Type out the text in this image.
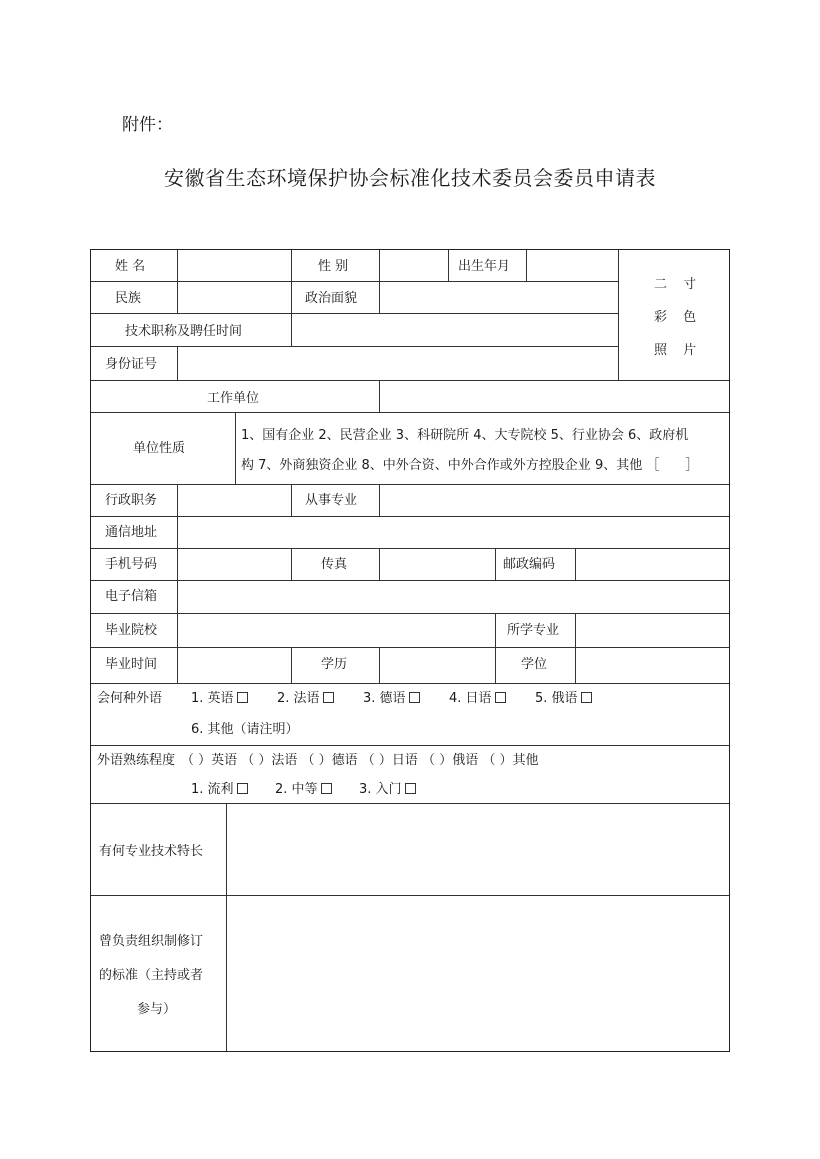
附件：
安徽省生态环境保护协会标准化技术委员会委员申请表
姓 名	性 别	出生年月
民族	政治面貌
技术职称及聘任时间
身份证号
二 寸
彩 色
照 片
工作单位
单位性质
1、国有企业 2、民营企业 3、科研院所 4、大专院校 5、行业协会 6、政府机
构 7、外商独资企业 8、中外合资、中外合作或外方控股企业 9、其他 ［　　］
行政职务	从事专业
通信地址
手机号码	传真	邮政编码
电子信箱
毕业院校	所学专业
毕业时间	学历	学位
会何种外语 1. 英语	2. 法语	3. 德语	4. 日语	5. 俄语
6. 其他（请注明）
外语熟练程度 （ ）英语 （ ）法语 （ ）德语 （ ）日语 （ ）俄语 （ ）其他
1. 流利	2. 中等	3. 入门
有何专业技术特长
曾负责组织制修订
的标准（主持或者
参与）
